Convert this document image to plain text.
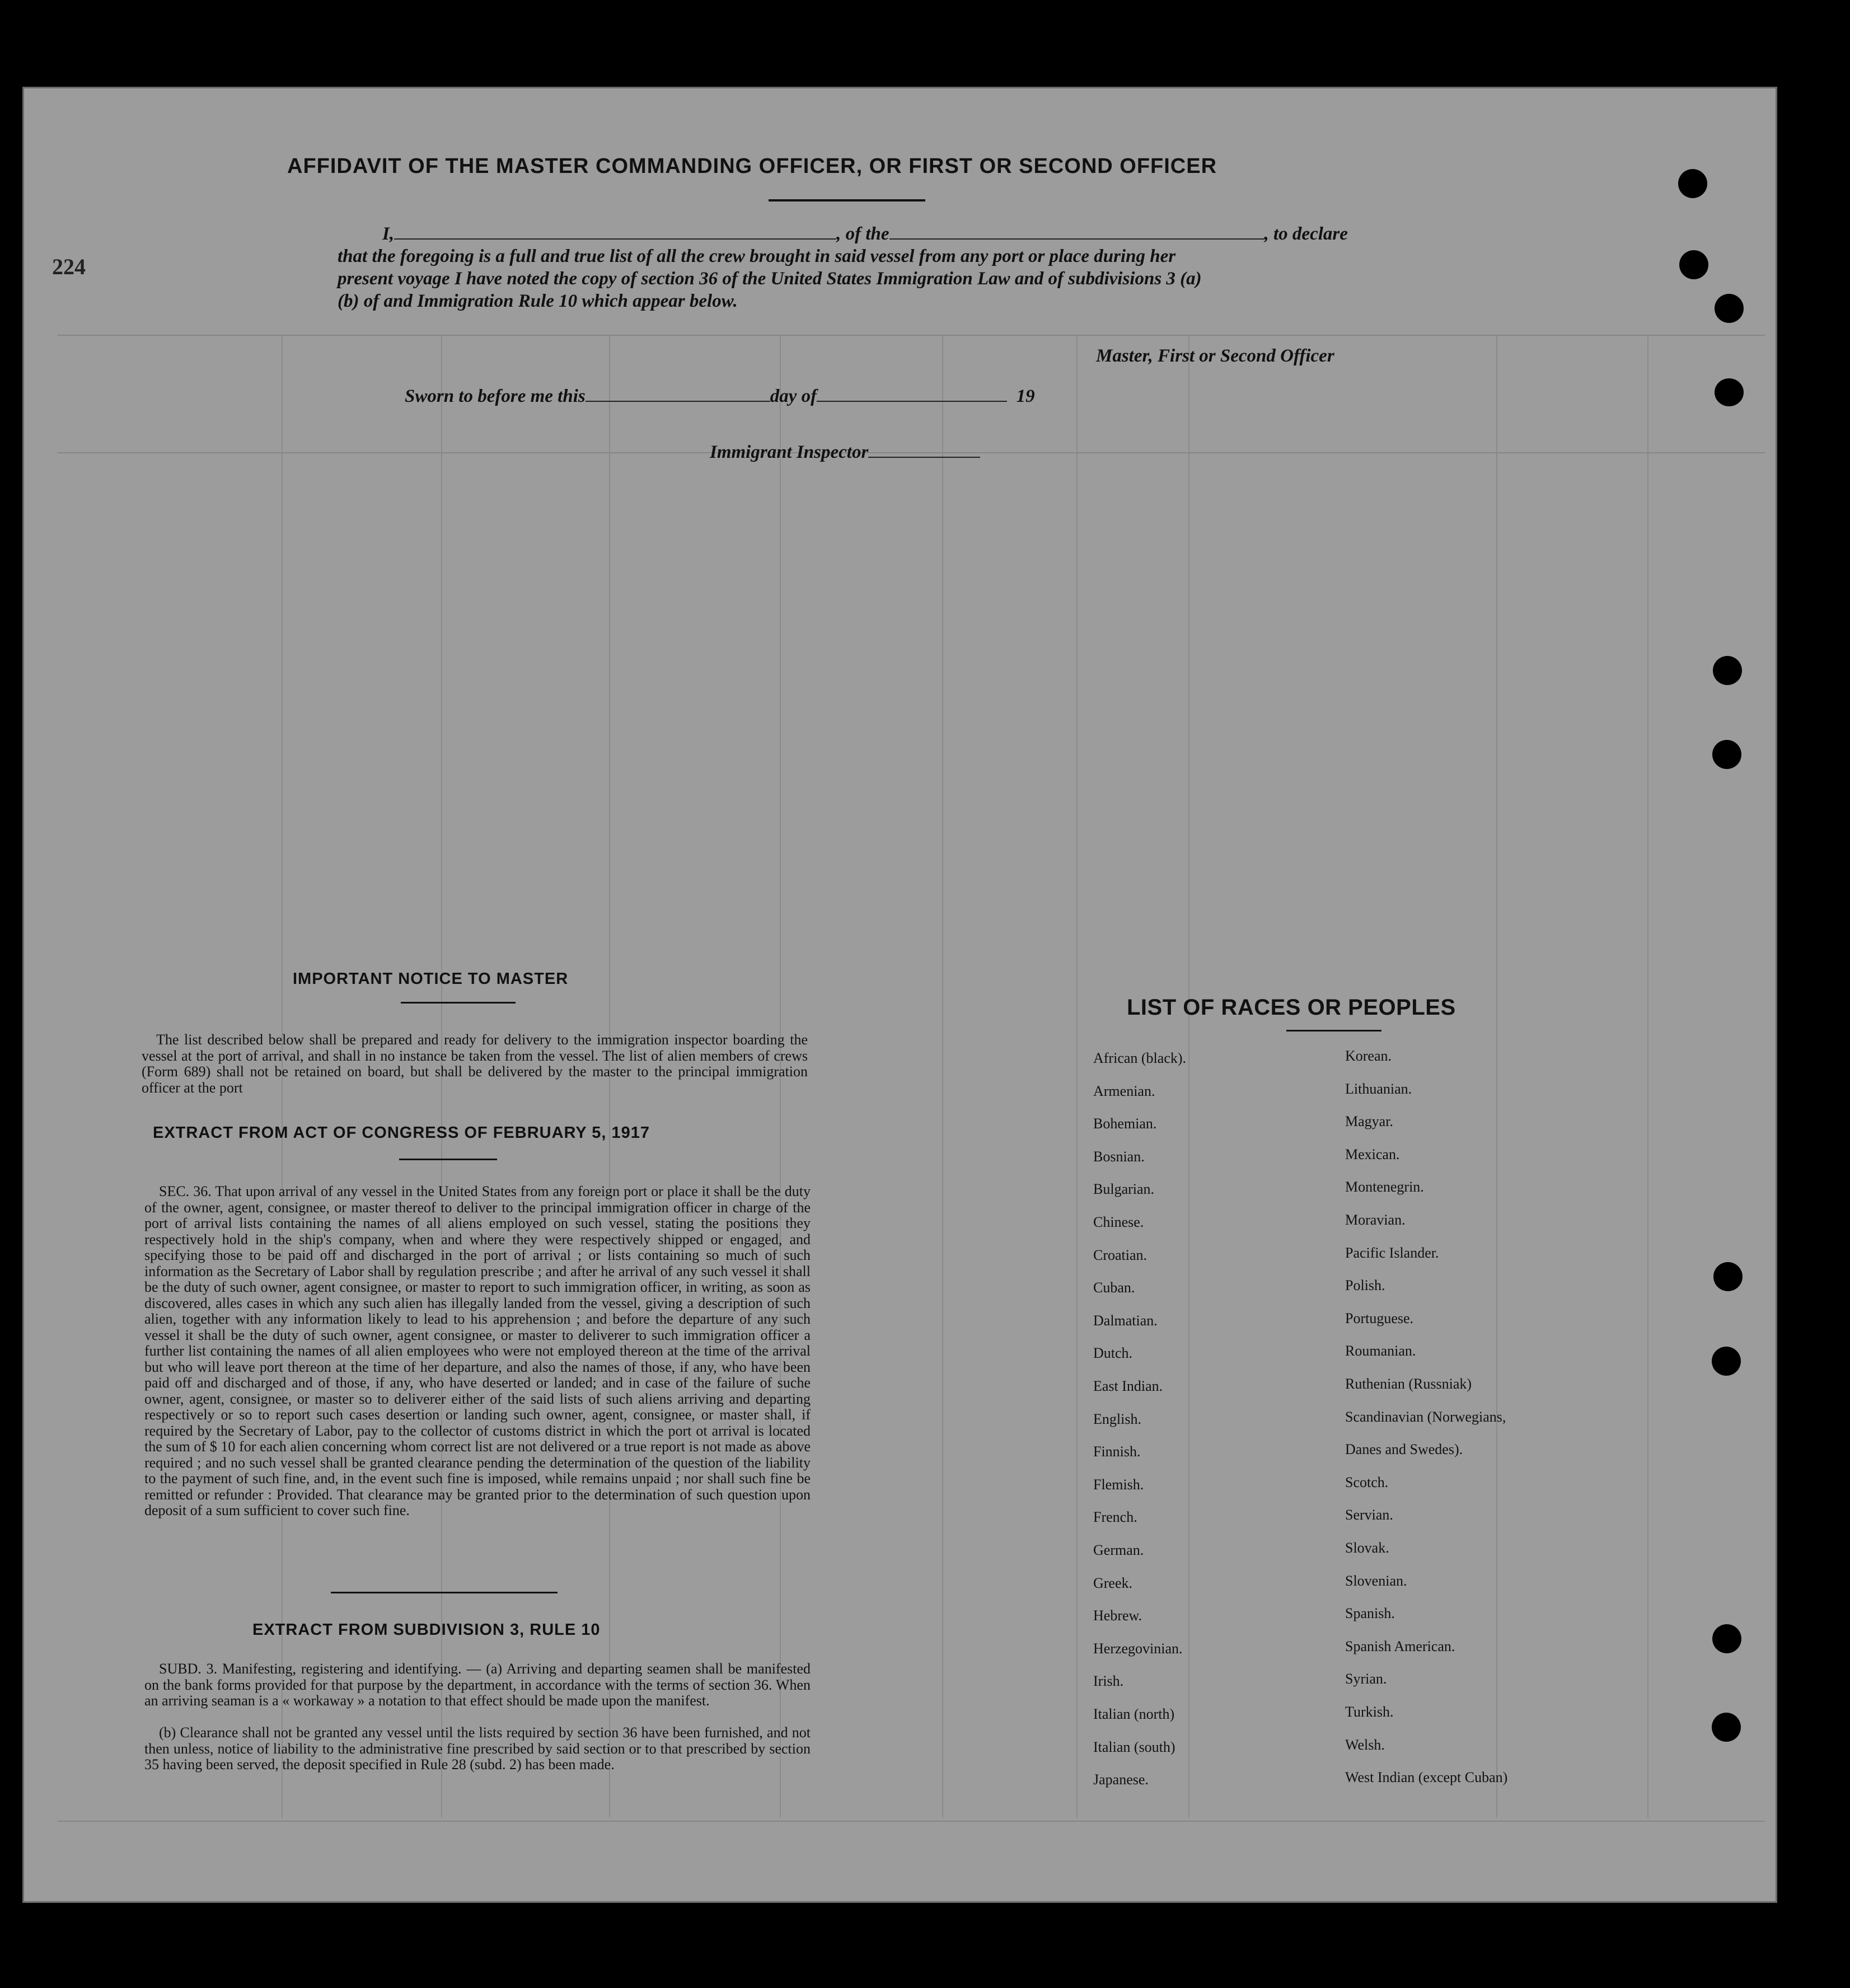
224
AFFIDAVIT OF THE MASTER COMMANDING OFFICER, OR FIRST OR SECOND OFFICER
I,	, of the	, to declare
that the foregoing is a full and true list of all the crew brought in said vessel from any port or place during her
present voyage I have noted the copy of section 36 of the United States Immigration Law and of subdivisions 3 (a)
(b) of and Immigration Rule 10 which appear below.
Master, First or Second Officer
Sworn to before me this	day of	19
Immigrant Inspector
IMPORTANT NOTICE TO MASTER
The list described below shall be prepared and ready for delivery to the immigration inspector boarding the vessel at the port of arrival, and shall in no instance be taken from the vessel. The list of alien members of crews (Form 689) shall not be retained on board, but shall be delivered by the master to the principal immigration officer at the port
EXTRACT FROM ACT OF CONGRESS OF FEBRUARY 5, 1917
SEC. 36. That upon arrival of any vessel in the United States from any foreign port or place it shall be the duty of the owner, agent, consignee, or master thereof to deliver to the principal immigration officer in charge of the port of arrival lists containing the names of all aliens employed on such vessel, stating the positions they respectively hold in the ship's company, when and where they were respectively shipped or engaged, and specifying those to be paid off and discharged in the port of arrival ; or lists containing so much of such information as the Secretary of Labor shall by regulation prescribe ; and after he arrival of any such vessel it shall be the duty of such owner, agent consignee, or master to report to such immigration officer, in writing, as soon as discovered, alles cases in which any such alien has illegally landed from the vessel, giving a description of such alien, together with any information likely to lead to his apprehension ; and before the departure of any such vessel it shall be the duty of such owner, agent consignee, or master to deliverer to such immigration officer a further list containing the names of all alien employees who were not employed thereon at the time of the arrival but who will leave port thereon at the time of her departure, and also the names of those, if any, who have been paid off and discharged and of those, if any, who have deserted or landed; and in case of the failure of suche owner, agent, consignee, or master so to deliverer either of the said lists of such aliens arriving and departing respectively or so to report such cases desertion or landing such owner, agent, consignee, or master shall, if required by the Secretary of Labor, pay to the collector of customs district in which the port ot arrival is located the sum of $ 10 for each alien concerning whom correct list are not delivered or a true report is not made as above required ; and no such vessel shall be granted clearance pending the determination of the question of the liability to the payment of such fine, and, in the event such fine is imposed, while remains unpaid ; nor shall such fine be remitted or refunder : Provided. That clearance may be granted prior to the determination of such question upon deposit of a sum sufficient to cover such fine.
EXTRACT FROM SUBDIVISION 3, RULE 10
SUBD. 3. Manifesting, registering and identifying. — (a) Arriving and departing seamen shall be manifested on the bank forms provided for that purpose by the department, in accordance with the terms of section 36. When an arriving seaman is a « workaway » a notation to that effect should be made upon the manifest.
(b) Clearance shall not be granted any vessel until the lists required by section 36 have been furnished, and not then unless, notice of liability to the administrative fine prescribed by said section or to that prescribed by section 35 having been served, the deposit specified in Rule 28 (subd. 2) has been made.
LIST OF RACES OR PEOPLES
African (black).
Armenian.
Bohemian.
Bosnian.
Bulgarian.
Chinese.
Croatian.
Cuban.
Dalmatian.
Dutch.
East Indian.
English.
Finnish.
Flemish.
French.
German.
Greek.
Hebrew.
Herzegovinian.
Irish.
Italian (north)
Italian (south)
Japanese.
Korean.
Lithuanian.
Magyar.
Mexican.
Montenegrin.
Moravian.
Pacific Islander.
Polish.
Portuguese.
Roumanian.
Ruthenian (Russniak)
Scandinavian (Norwegians,
Danes and Swedes).
Scotch.
Servian.
Slovak.
Slovenian.
Spanish.
Spanish American.
Syrian.
Turkish.
Welsh.
West Indian (except Cuban)
